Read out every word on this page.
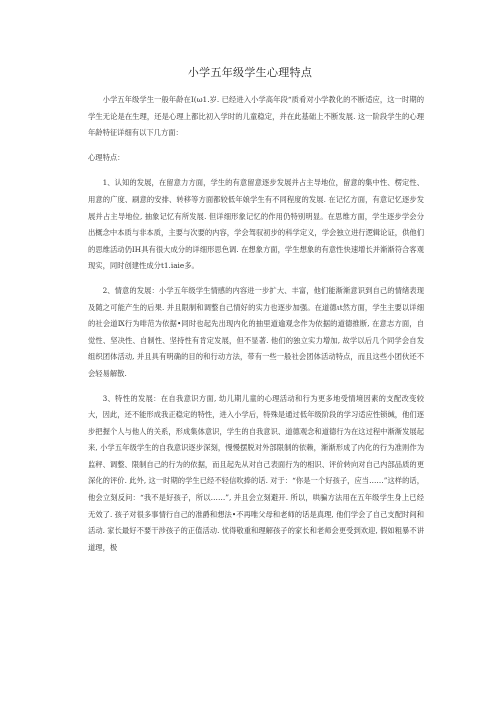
小学五年级学生心理特点

小学五年级学生一般年龄在I(ω1.岁. 已经进入小学高年段“质肴对小学教化的不断适应，这一时期的学生无论是在生理，还是心理上都比初入学时的儿童稳定，并在此基础上不断发展. 这一阶段学生的心理年龄特征详细有以下几方面：

心理特点：

1、认知的发展，在留意力方面，学生的有意留意逐步发展并占主导地位，留意的集中性、楞定性、用意的广度、刷意的安排、转移等方面都较低年娘学生有不同程度的发展. 在记忆方面，有意记忆逐步发展并占主导地位, 抽象记忆有所发展. 但详细形象记忆的作用仍特别明显。在思维方面，学生逐步学会分出概念中本质与非本质，主要与次要的内容，学会驾驭初步的科学定义，学会独立进行逻辑论证，供他们的思维活动仍IH具有很大成分的详细形思色调. 在想象方面，学生想象的有意性快速增长并渐渐符合客观现实，同时创建性成分t1.iaie多。

2、情意的发展：小学五年级学生情感的内容进一步扩大、丰富，他们能渐渐意识到自己的情绪表现及随之可能产生的后果. 并且限制和调整自己情好的实力也逐步加强。在道德ιt然方面，学生主要以详细的社会道Ⅸ行为啡范为依据•同时也起先出现内化的抽里道逾观念作为依据的道德推断, 在意志方面，自觉性、坚决性、自制性、坚持性有肯定发展，但不显著. 他们的独立实力增加, 故学以后几个同学会自发组织团体活动, 并且具有明确的目的和行动方法，带有一些一般社会团体活动特点，而且这些小团伙还不会轻易解散.

3、特性的发展：在自我意识方面, 幼儿期儿童的心理活动和行为更多地受情境因素的支配改变较大，因此，还不能形成我正稳定的特性，进入小学后，特殊是通过低年级阶段的学习适应性锁缄，他们逐步把握个人与他人的关系，形成集体意识，学生的自我意识、道德观念和道德行为在这过程中渐渐发展起来, 小学五年级学生的自我意识逐步深刻，慢慢摆脱对外部限制的依赖，渐渐形成了内化的行为准则作为监秤、调整、限制自己的行为的依据，而且起先从对自己表面行为的相识、评价转向对自己内部品质的更深化的评价. 此外, 这一时期的学生已经不轻信吹捧的话. 对于：“你是一个好孩子，应当……”这样的话，他会立刻反问：“我不是好孩子，所以……”, 并且会立刻避开. 所以，哄骗方法用在五年级学生身上已经无效了. 孩子对很多事情行自己的准爵和想法•不再唯父母和老师的话是真理, 他们学会了自己支配时间和活动. 家长最好不要干涉孩子的正值活动. 忧得敬重和理解孩子的家长和老师会更受到欢迎, 假如粗暴不讲道理，极
